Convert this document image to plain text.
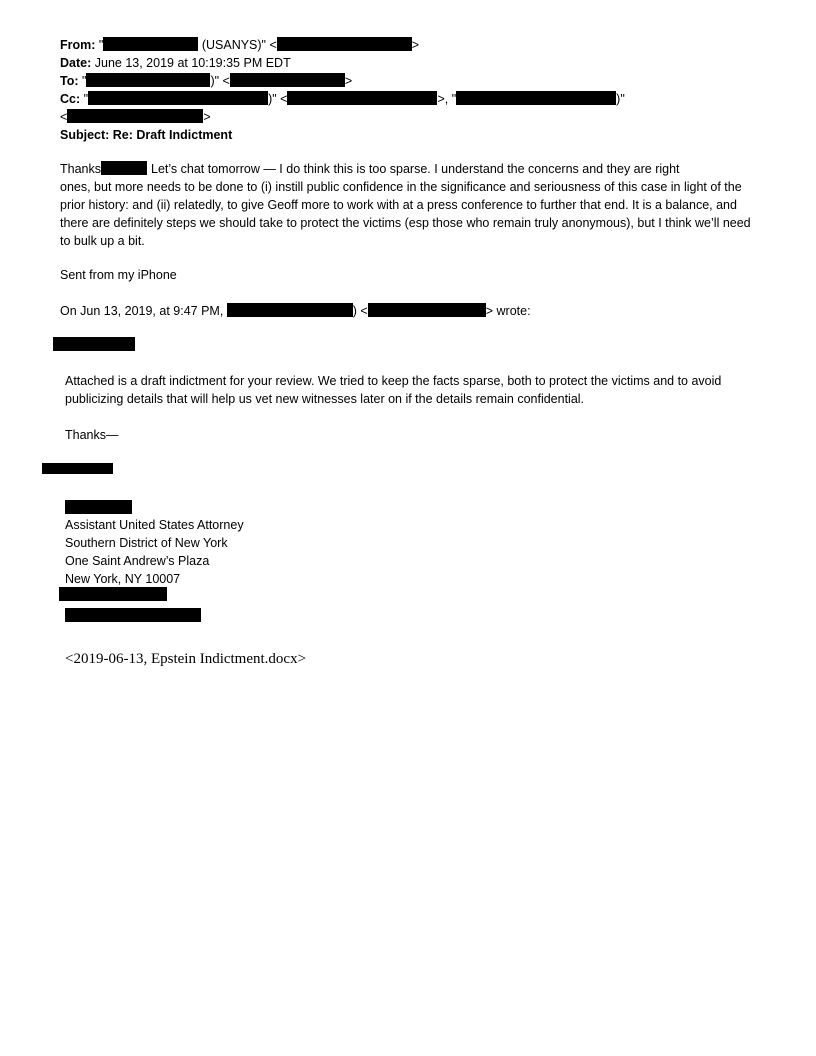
From: "	(USANYS)" <	>
Date: June 13, 2019 at 10:19:35 PM EDT
To: "	)" <	>
Cc: "	)" <	>, "	)"
<	>
Subject: Re: Draft Indictment
Thanks	Let’s chat tomorrow — I do think this is too sparse. I understand the concerns and they are right
ones, but more needs to be done to (i) instill public confidence in the significance and seriousness of this case in light of the prior history: and (ii) relatedly, to give Geoff more to work with at a press conference to further that end. It is a balance, and there are definitely steps we should take to protect the victims (esp those who remain truly anonymous), but I think we’ll need to bulk up a bit.
Sent from my iPhone
On Jun 13, 2019, at 9:47 PM,	) <	> wrote:
Attached is a draft indictment for your review. We tried to keep the facts sparse, both to protect the victims and to avoid publicizing details that will help us vet new witnesses later on if the details remain confidential.
Thanks—
Assistant United States Attorney
Southern District of New York
One Saint Andrew’s Plaza
New York, NY 10007
<2019-06-13, Epstein Indictment.docx>
